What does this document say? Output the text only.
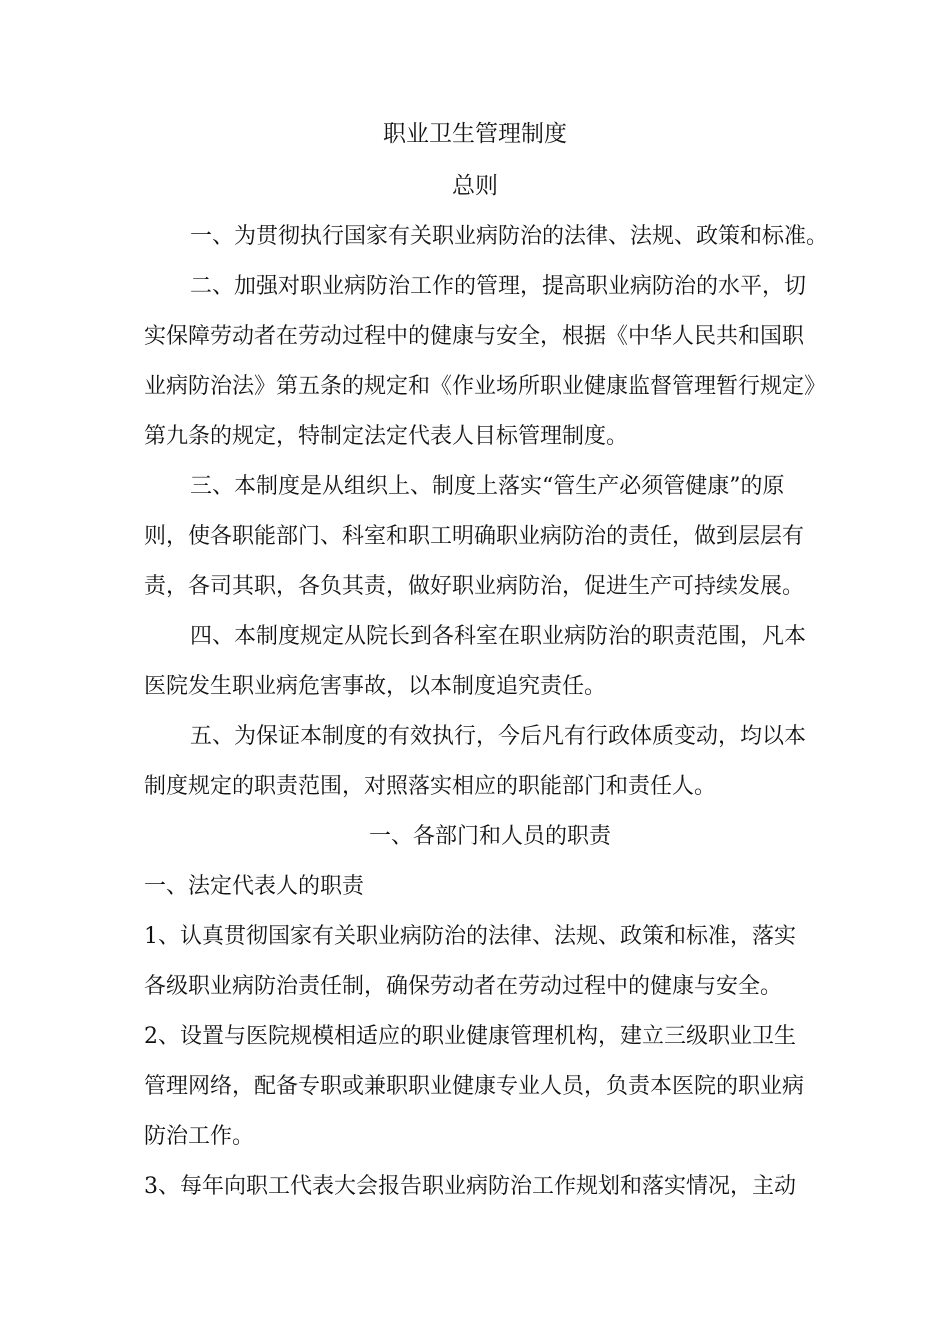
职业卫生管理制度
总则
一、为贯彻执行国家有关职业病防治的法律、法规、政策和标准。
二、加强对职业病防治工作的管理，提高职业病防治的水平，切
实保障劳动者在劳动过程中的健康与安全，根据《中华人民共和国职
业病防治法》第五条的规定和《作业场所职业健康监督管理暂行规定》
第九条的规定，特制定法定代表人目标管理制度。
三、本制度是从组织上、制度上落实“管生产必须管健康”的原
则，使各职能部门、科室和职工明确职业病防治的责任，做到层层有
责，各司其职，各负其责，做好职业病防治，促进生产可持续发展。
四、本制度规定从院长到各科室在职业病防治的职责范围，凡本
医院发生职业病危害事故，以本制度追究责任。
五、为保证本制度的有效执行，今后凡有行政体质变动，均以本
制度规定的职责范围，对照落实相应的职能部门和责任人。
一、各部门和人员的职责
一、法定代表人的职责
1、认真贯彻国家有关职业病防治的法律、法规、政策和标准，落实
各级职业病防治责任制，确保劳动者在劳动过程中的健康与安全。
2、设置与医院规模相适应的职业健康管理机构，建立三级职业卫生
管理网络，配备专职或兼职职业健康专业人员，负责本医院的职业病
防治工作。
3、每年向职工代表大会报告职业病防治工作规划和落实情况，主动
